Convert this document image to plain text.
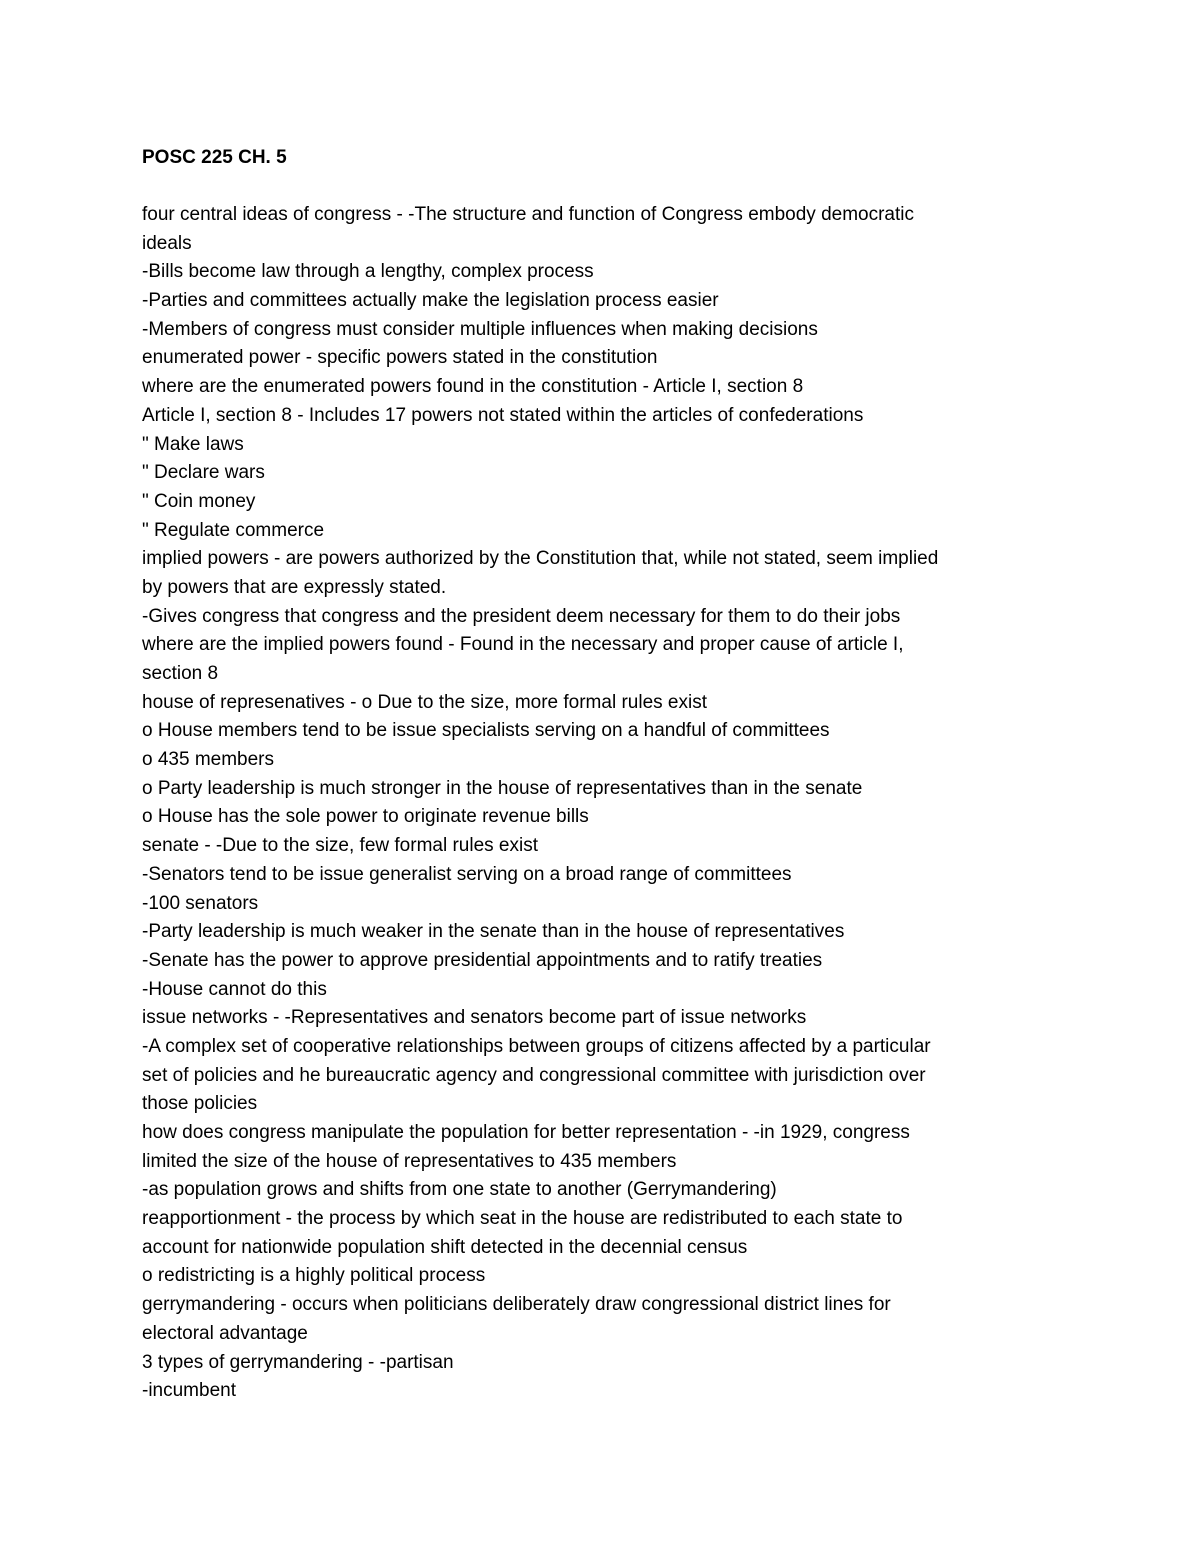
POSC 225 CH. 5
four central ideas of congress - -The structure and function of Congress embody democratic
ideals
-Bills become law through a lengthy, complex process
-Parties and committees actually make the legislation process easier
-Members of congress must consider multiple influences when making decisions
enumerated power - specific powers stated in the constitution
where are the enumerated powers found in the constitution - Article I, section 8
Article I, section 8 - Includes 17 powers not stated within the articles of confederations
" Make laws
" Declare wars
" Coin money
" Regulate commerce
implied powers - are powers authorized by the Constitution that, while not stated, seem implied
by powers that are expressly stated.
-Gives congress that congress and the president deem necessary for them to do their jobs
where are the implied powers found - Found in the necessary and proper cause of article I,
section 8
house of represenatives - o Due to the size, more formal rules exist
o House members tend to be issue specialists serving on a handful of committees
o 435 members
o Party leadership is much stronger in the house of representatives than in the senate
o House has the sole power to originate revenue bills
senate - -Due to the size, few formal rules exist
-Senators tend to be issue generalist serving on a broad range of committees
-100 senators
-Party leadership is much weaker in the senate than in the house of representatives
-Senate has the power to approve presidential appointments and to ratify treaties
-House cannot do this
issue networks - -Representatives and senators become part of issue networks
-A complex set of cooperative relationships between groups of citizens affected by a particular
set of policies and he bureaucratic agency and congressional committee with jurisdiction over
those policies
how does congress manipulate the population for better representation - -in 1929, congress
limited the size of the house of representatives to 435 members
-as population grows and shifts from one state to another (Gerrymandering)
reapportionment - the process by which seat in the house are redistributed to each state to
account for nationwide population shift detected in the decennial census
o redistricting is a highly political process
gerrymandering - occurs when politicians deliberately draw congressional district lines for
electoral advantage
3 types of gerrymandering - -partisan
-incumbent
